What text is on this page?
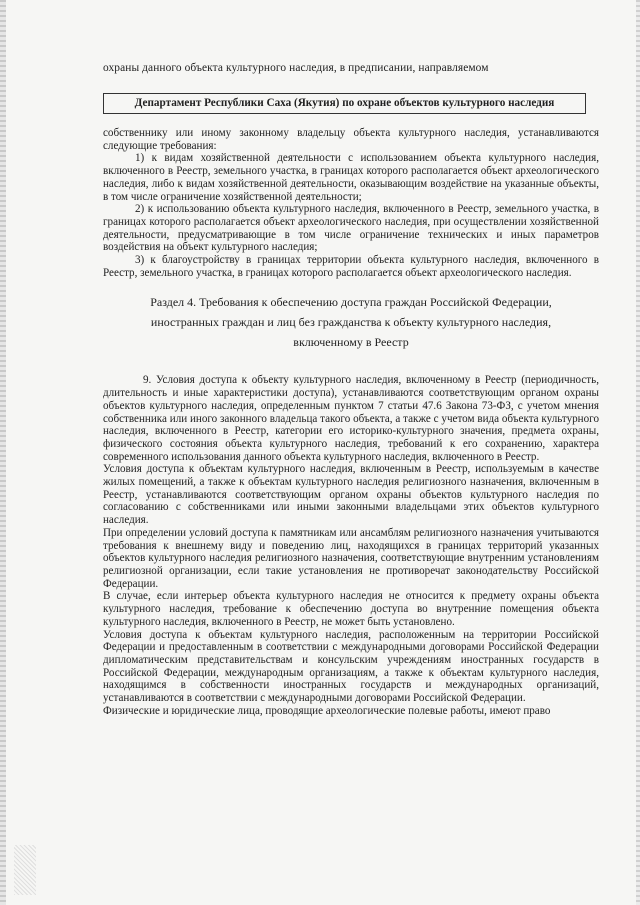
охраны данного объекта культурного наследия, в предписании, направляемом
Департамент Республики Саха (Якутия) по охране объектов культурного наследия

собственнику или иному законному владельцу объекта культурного наследия, устанавливаются следующие требования:

1) к видам хозяйственной деятельности с использованием объекта культурного наследия, включенного в Реестр, земельного участка, в границах которого располагается объект археологического наследия, либо к видам хозяйственной деятельности, оказывающим воздействие на указанные объекты, в том числе ограничение хозяйственной деятельности;

2) к использованию объекта культурного наследия, включенного в Реестр, земельного участка, в границах которого располагается объект археологического наследия, при осуществлении хозяйственной деятельности, предусматривающие в том числе ограничение технических и иных параметров воздействия на объект культурного наследия;

3) к благоустройству в границах территории объекта культурного наследия, включенного в Реестр, земельного участка, в границах которого располагается объект археологического наследия.

Раздел 4. Требования к обеспечению доступа граждан Российской Федерации, иностранных граждан и лиц без гражданства к объекту культурного наследия, включенному в Реестр

9. Условия доступа к объекту культурного наследия, включенному в Реестр (периодичность, длительность и иные характеристики доступа), устанавливаются соответствующим органом охраны объектов культурного наследия, определенным пунктом 7 статьи 47.6 Закона 73-ФЗ, с учетом мнения собственника или иного законного владельца такого объекта, а также с учетом вида объекта культурного наследия, включенного в Реестр, категории его историко-культурного значения, предмета охраны, физического состояния объекта культурного наследия, требований к его сохранению, характера современного использования данного объекта культурного наследия, включенного в Реестр.

Условия доступа к объектам культурного наследия, включенным в Реестр, используемым в качестве жилых помещений, а также к объектам культурного наследия религиозного назначения, включенным в Реестр, устанавливаются соответствующим органом охраны объектов культурного наследия по согласованию с собственниками или иными законными владельцами этих объектов культурного наследия.

При определении условий доступа к памятникам или ансамблям религиозного назначения учитываются требования к внешнему виду и поведению лиц, находящихся в границах территорий указанных объектов культурного наследия религиозного назначения, соответствующие внутренним установлениям религиозной организации, если такие установления не противоречат законодательству Российской Федерации.

В случае, если интерьер объекта культурного наследия не относится к предмету охраны объекта культурного наследия, требование к обеспечению доступа во внутренние помещения объекта культурного наследия, включенного в Реестр, не может быть установлено.

Условия доступа к объектам культурного наследия, расположенным на территории Российской Федерации и предоставленным в соответствии с международными договорами Российской Федерации дипломатическим представительствам и консульским учреждениям иностранных государств в Российской Федерации, международным организациям, а также к объектам культурного наследия, находящимся в собственности иностранных государств и международных организаций, устанавливаются в соответствии с международными договорами Российской Федерации.

Физические и юридические лица, проводящие археологические полевые работы, имеют право
